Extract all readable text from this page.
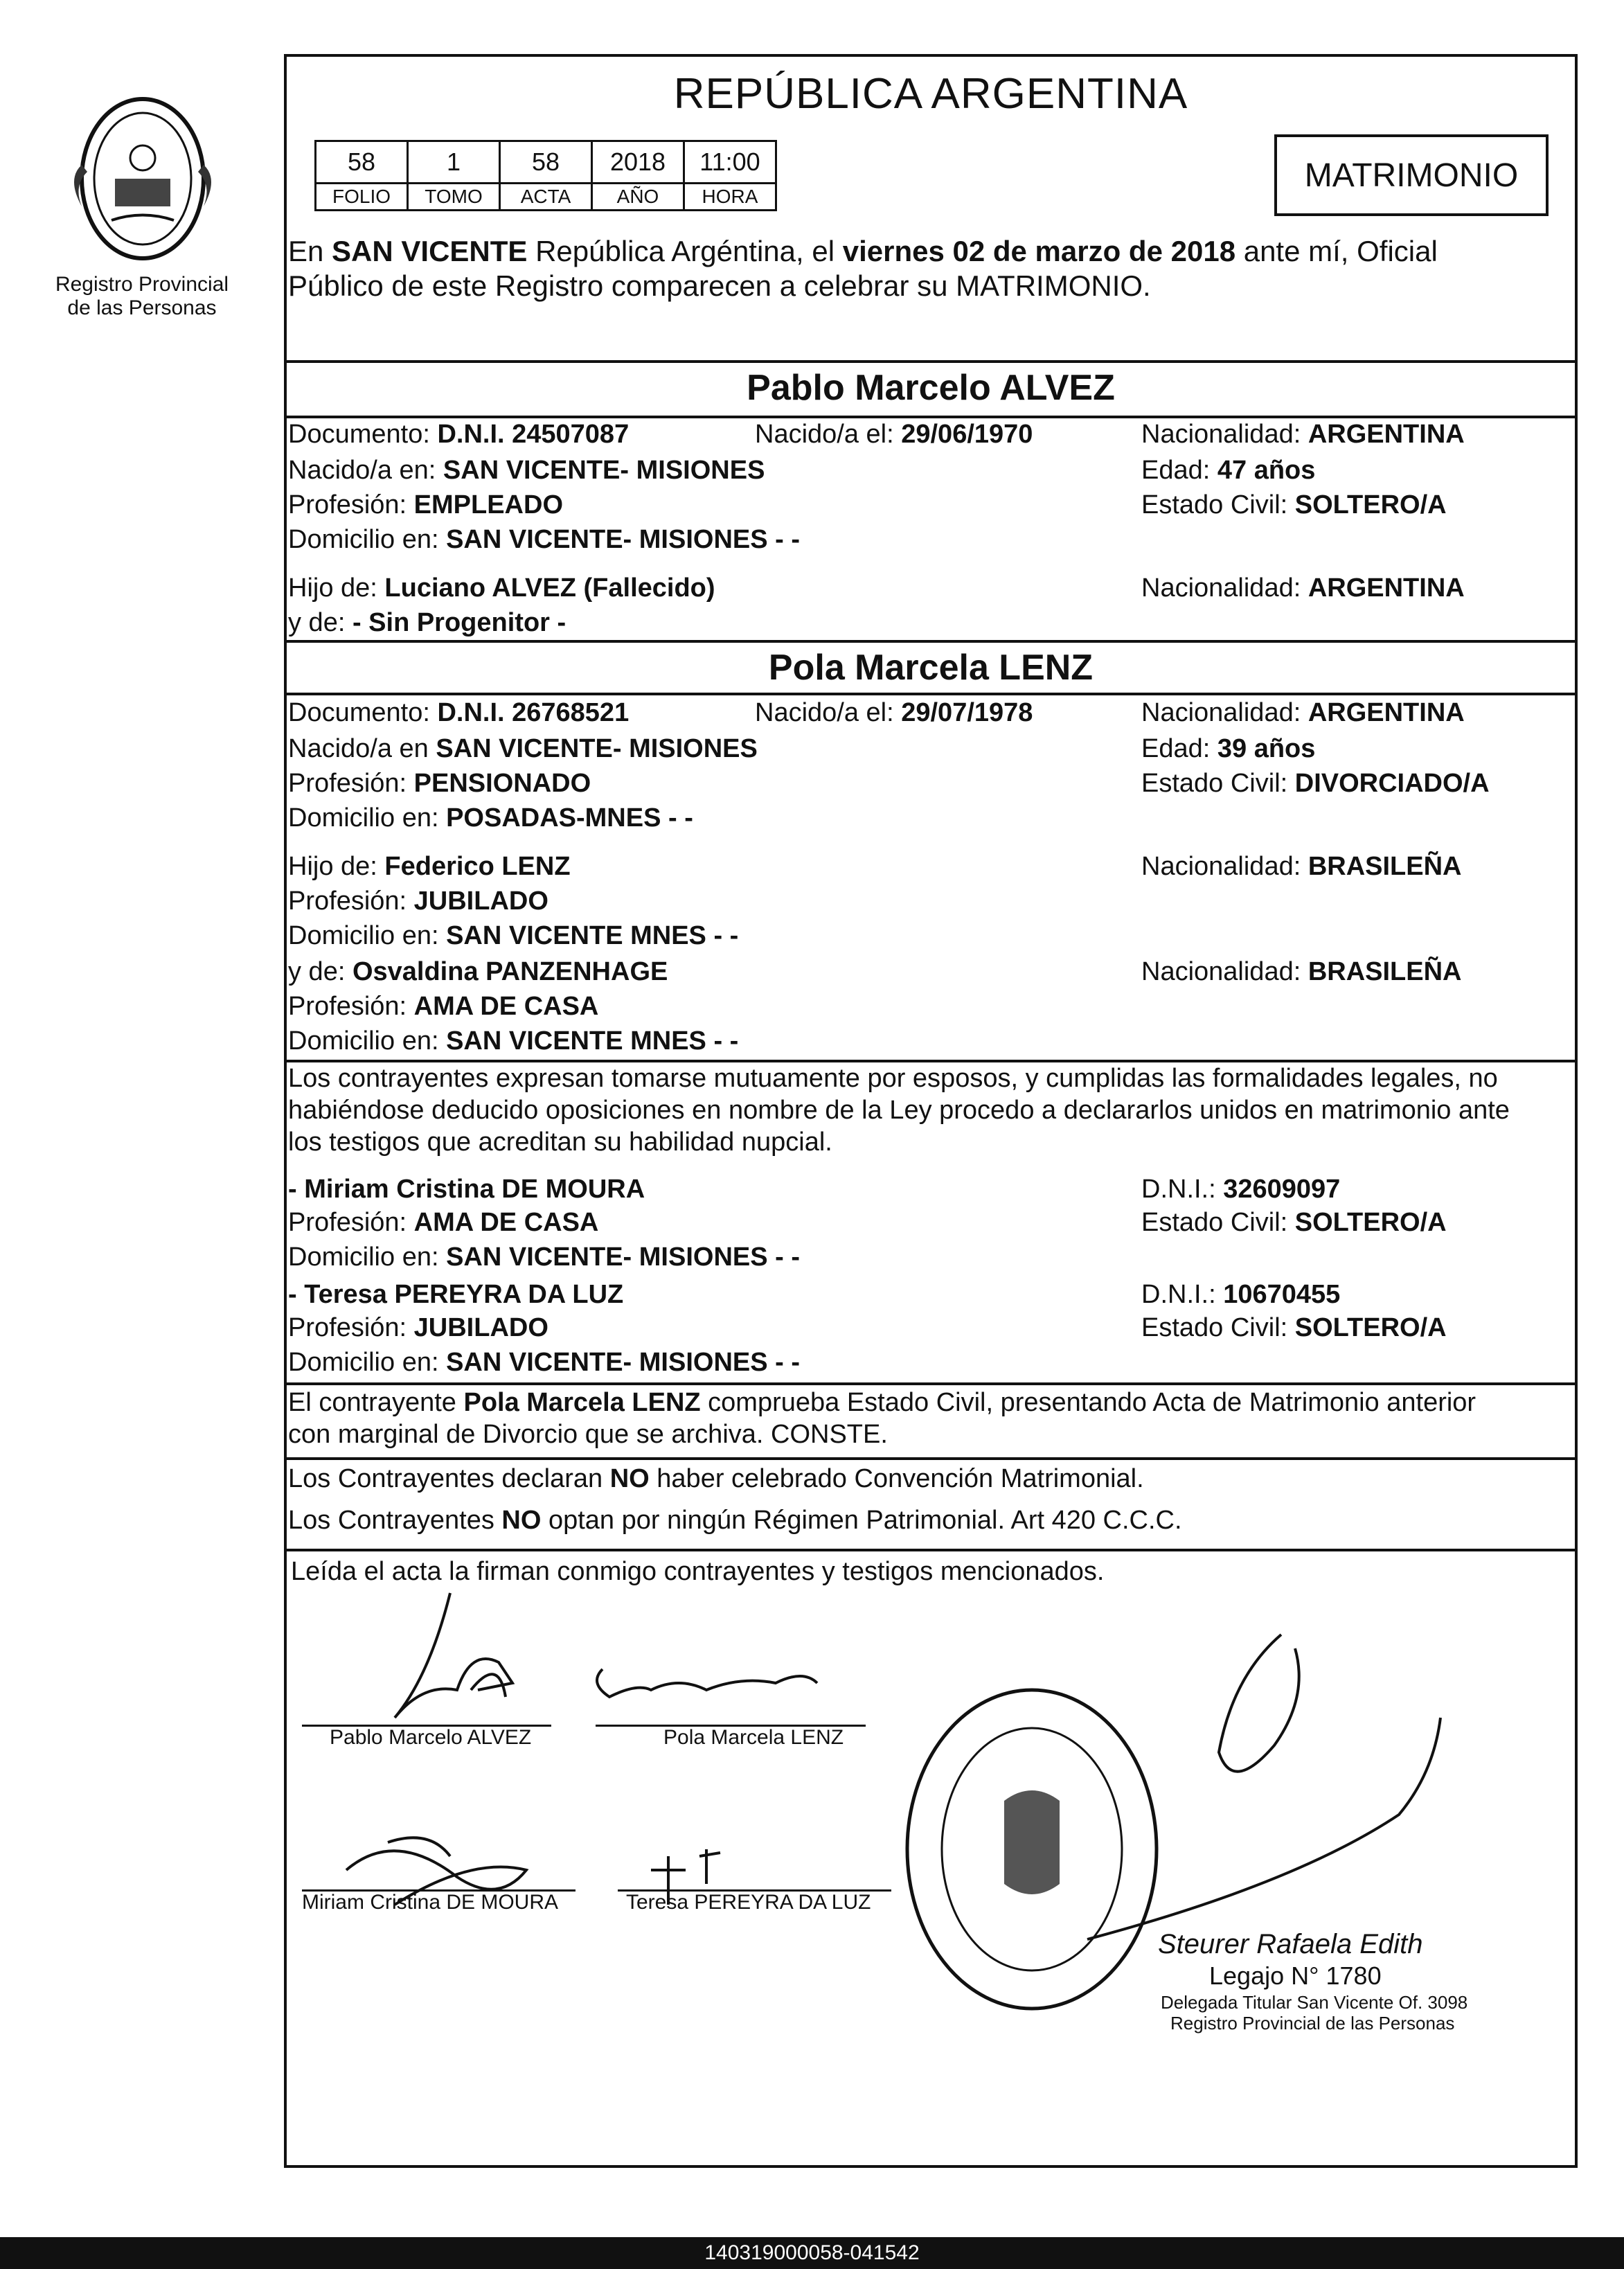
Registro Provincial
de las Personas
REPÚBLICA ARGENTINA
58	1	58	2018	11:00
FOLIO	TOMO	ACTA	AÑO	HORA
MATRIMONIO
En SAN VICENTE República Argéntina, el viernes 02 de marzo de 2018 ante mí, Oficial
Público de este Registro comparecen a celebrar su MATRIMONIO.
Pablo Marcelo ALVEZ
Documento: D.N.I. 24507087	Nacido/a el: 29/06/1970	Nacionalidad: ARGENTINA
Nacido/a en: SAN VICENTE- MISIONES	Edad: 47 años
Profesión: EMPLEADO	Estado Civil: SOLTERO/A
Domicilio en: SAN VICENTE- MISIONES - -
Hijo de: Luciano ALVEZ (Fallecido)	Nacionalidad: ARGENTINA
y de: - Sin Progenitor -
Pola Marcela LENZ
Documento: D.N.I. 26768521	Nacido/a el: 29/07/1978	Nacionalidad: ARGENTINA
Nacido/a en SAN VICENTE- MISIONES	Edad: 39 años
Profesión: PENSIONADO	Estado Civil: DIVORCIADO/A
Domicilio en: POSADAS-MNES - -
Hijo de: Federico LENZ	Nacionalidad: BRASILEÑA
Profesión: JUBILADO
Domicilio en: SAN VICENTE MNES - -
y de: Osvaldina PANZENHAGE	Nacionalidad: BRASILEÑA
Profesión: AMA DE CASA
Domicilio en: SAN VICENTE MNES - -
Los contrayentes expresan tomarse mutuamente por esposos, y cumplidas las formalidades legales, no
habiéndose deducido oposiciones en nombre de la Ley procedo a declararlos unidos en matrimonio ante
los testigos que acreditan su habilidad nupcial.
- Miriam Cristina DE MOURA	D.N.I.: 32609097
Profesión: AMA DE CASA	Estado Civil: SOLTERO/A
Domicilio en: SAN VICENTE- MISIONES - -
- Teresa PEREYRA DA LUZ	D.N.I.: 10670455
Profesión: JUBILADO	Estado Civil: SOLTERO/A
Domicilio en: SAN VICENTE- MISIONES - -
El contrayente Pola Marcela LENZ comprueba Estado Civil, presentando Acta de Matrimonio anterior
con marginal de Divorcio que se archiva. CONSTE.
Los Contrayentes declaran NO haber celebrado Convención Matrimonial.
Los Contrayentes NO optan por ningún Régimen Patrimonial. Art 420 C.C.C.
Leída el acta la firman conmigo contrayentes y testigos mencionados.
Pablo Marcelo ALVEZ	Pola Marcela LENZ
Miriam Cristina DE MOURA	Teresa PEREYRA DA LUZ
Steurer Rafaela Edith
Legajo N° 1780
Delegada Titular San Vicente Of. 3098
Registro Provincial de las Personas
140319000058-041542
